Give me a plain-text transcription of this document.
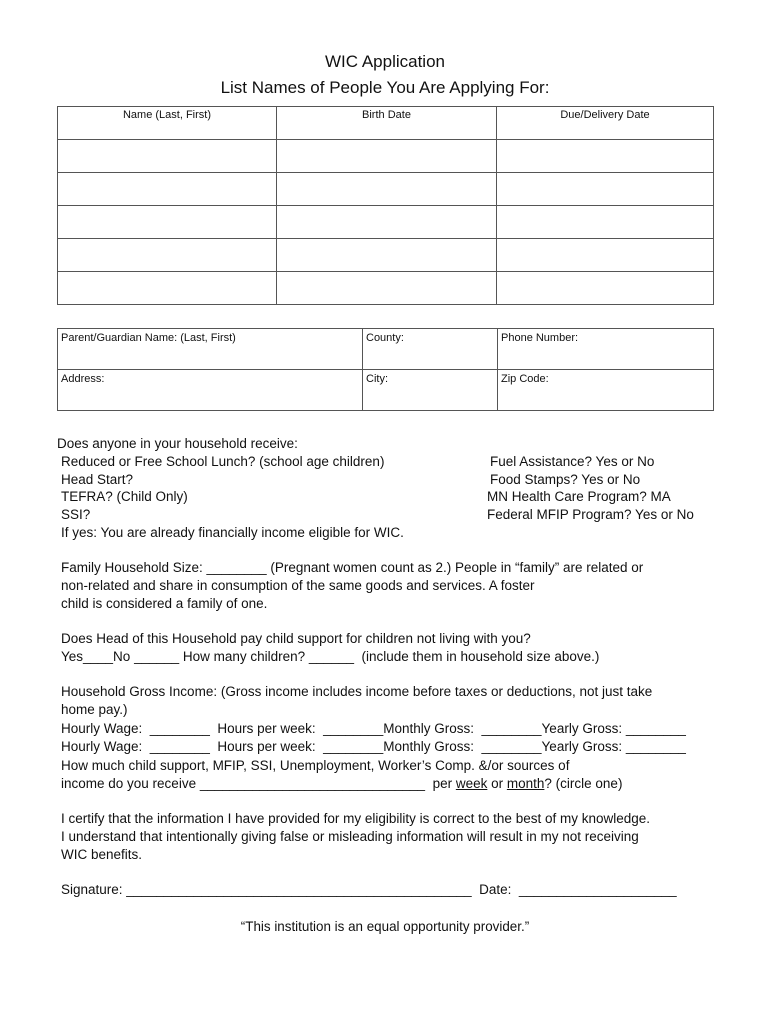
WIC Application
List Names of People You Are Applying For:
Name (Last, First)	Birth Date	Due/Delivery Date

Parent/Guardian Name: (Last, First)	County:	Phone Number:
Address:	City:	Zip Code:
Does anyone in your household receive:
Reduced or Free School Lunch? (school age children)
Head Start?
TEFRA? (Child Only)
SSI?
If yes: You are already financially income eligible for WIC.
Fuel Assistance? Yes or No
Food Stamps? Yes or No
MN Health Care Program? MA
Federal MFIP Program? Yes or No
Family Household Size: ________ (Pregnant women count as 2.) People in “family” are related or
non-related and share in consumption of the same goods and services. A foster
child is considered a family of one.
Does Head of this Household pay child support for children not living with you?
Yes____No ______ How many children? ______  (include them in household size above.)
Household Gross Income: (Gross income includes income before taxes or deductions, not just take
home pay.)
Hourly Wage:  ________  Hours per week:  ________Monthly Gross:  ________Yearly Gross: ________
Hourly Wage:  ________  Hours per week:  ________Monthly Gross:  ________Yearly Gross: ________
How much child support, MFIP, SSI, Unemployment, Worker’s Comp. &/or sources of
income do you receive ______________________________  per week or month? (circle one)
I certify that the information I have provided for my eligibility is correct to the best of my knowledge.
I understand that intentionally giving false or misleading information will result in my not receiving
WIC benefits.
Signature: ______________________________________________  Date:  _____________________
“This institution is an equal opportunity provider.”
